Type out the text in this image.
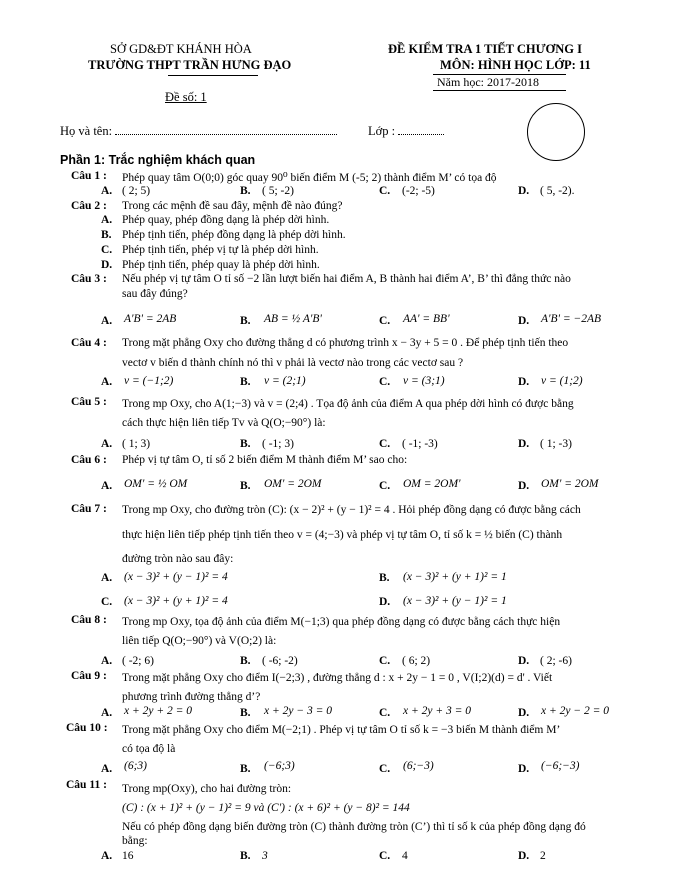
SỞ GD&ĐT KHÁNH HÒA
TRƯỜNG THPT TRẦN HƯNG ĐẠO
Đề số: 1
ĐỀ KIỂM TRA 1 TIẾT CHƯƠNG I
MÔN: HÌNH HỌC LỚP: 11
Năm học: 2017-2018
Họ và tên:	Lớp :
Phần 1: Trắc nghiệm khách quan
Câu 1 : Phép quay tâm O(0;0) góc quay 90⁰ biến điểm M (-5; 2) thành điểm M’ có tọa độ
A. ( 2; 5)	B. ( 5; -2)	C. (-2; -5)	D. ( 5, -2).
Câu 2 : Trong các mệnh đề sau đây, mệnh đề nào đúng?
A. Phép quay, phép đồng dạng là phép dời hình.
B. Phép tịnh tiến, phép đồng dạng là phép dời hình.
C. Phép tịnh tiến, phép vị tự là phép dời hình.
D. Phép tịnh tiến, phép quay là phép dời hình.
Câu 3 : Nếu phép vị tự tâm O tỉ số −2 lần lượt biến hai điểm A, B thành hai điểm A’, B’ thì đẳng thức nào
sau đây đúng?
A. A'B' = 2AB	B. AB = ½ A'B'	C. AA' = BB'	D. A'B' = −2AB
Câu 4 : Trong mặt phẳng Oxy cho đường thẳng d có phương trình x − 3y + 5 = 0 . Để phép tịnh tiến theo
vectơ v biến d thành chính nó thì v phải là vectơ nào trong các vectơ sau ?
A. v = (−1;2)	B. v = (2;1)	C. v = (3;1)	D. v = (1;2)
Câu 5 : Trong mp Oxy, cho A(1;−3) và v = (2;4) . Tọa độ ảnh của điểm A qua phép dời hình có được bằng
cách thực hiện liên tiếp Tv và Q(O;−90°) là:
A. ( 1; 3)	B. ( -1; 3)	C. ( -1; -3)	D. ( 1; -3)
Câu 6 : Phép vị tự tâm O, tỉ số 2 biến điểm M thành điểm M’ sao cho:
A. OM' = ½ OM	B. OM' = 2OM	C. OM = 2OM'	D. OM' = 2OM
Câu 7 : Trong mp Oxy, cho đường tròn (C): (x − 2)² + (y − 1)² = 4 . Hỏi phép đồng dạng có được bằng cách
thực hiện liên tiếp phép tịnh tiến theo v = (4;−3) và phép vị tự tâm O, tỉ số k = ½ biến (C) thành
đường tròn nào sau đây:
A. (x − 3)² + (y − 1)² = 4	B. (x − 3)² + (y + 1)² = 1
C. (x − 3)² + (y + 1)² = 4	D. (x − 3)² + (y − 1)² = 1
Câu 8 : Trong mp Oxy, tọa độ ảnh của điểm M(−1;3) qua phép đồng dạng có được bằng cách thực hiện
liên tiếp Q(O;−90°) và V(O;2) là:
A. ( -2; 6)	B. ( -6; -2)	C. ( 6; 2)	D. ( 2; -6)
Câu 9 : Trong mặt phẳng Oxy cho điểm I(−2;3) , đường thẳng d : x + 2y − 1 = 0 , V(I;2)(d) = d' . Viết
phương trình đường thẳng d’?
A. x + 2y + 2 = 0	B. x + 2y − 3 = 0	C. x + 2y + 3 = 0	D. x + 2y − 2 = 0
Câu 10 : Trong mặt phẳng Oxy cho điểm M(−2;1) . Phép vị tự tâm O tỉ số k = −3 biến M thành điểm M’
có tọa độ là
A. (6;3)	B. (−6;3)	C. (6;−3)	D. (−6;−3)
Câu 11 : Trong mp(Oxy), cho hai đường tròn:
(C) : (x + 1)² + (y − 1)² = 9 và (C') : (x + 6)² + (y − 8)² = 144
Nếu có phép đồng dạng biến đường tròn (C) thành đường tròn (C’) thì tỉ số k của phép đồng dạng đó
bằng:
A. 16	B. 3	C. 4	D. 2
